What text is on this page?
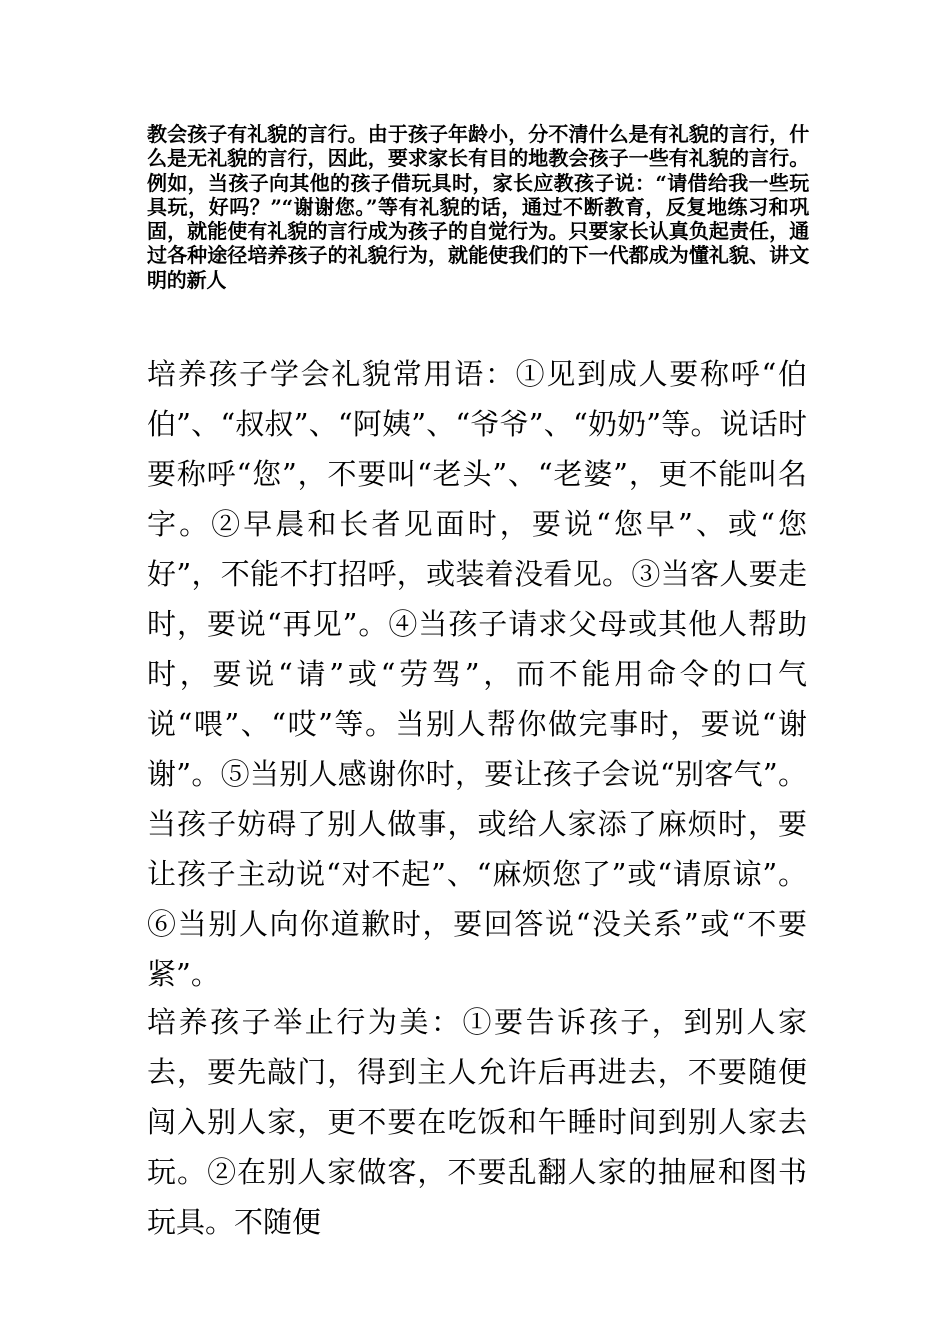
教会孩子有礼貌的言行。由于孩子年龄小，分不清什么是有礼貌的言行，什么是无礼貌的言行，因此，要求家长有目的地教会孩子一些有礼貌的言行。例如，当孩子向其他的孩子借玩具时，家长应教孩子说：“请借给我一些玩具玩，好吗？”“谢谢您。”等有礼貌的话，通过不断教育，反复地练习和巩固，就能使有礼貌的言行成为孩子的自觉行为。只要家长认真负起责任，通过各种途径培养孩子的礼貌行为，就能使我们的下一代都成为懂礼貌、讲文明的新人

培养孩子学会礼貌常用语：①见到成人要称呼“伯伯”、“叔叔”、“阿姨”、“爷爷”、“奶奶”等。说话时要称呼“您”，不要叫“老头”、“老婆”，更不能叫名字。②早晨和长者见面时，要说“您早”、或“您好”，不能不打招呼，或装着没看见。③当客人要走时，要说“再见”。④当孩子请求父母或其他人帮助时，要说“请”或“劳驾”，而不能用命令的口气说“喂”、“哎”等。当别人帮你做完事时，要说“谢谢”。⑤当别人感谢你时，要让孩子会说“别客气”。当孩子妨碍了别人做事，或给人家添了麻烦时，要让孩子主动说“对不起”、“麻烦您了”或“请原谅”。⑥当别人向你道歉时，要回答说“没关系”或“不要紧”。

培养孩子举止行为美：①要告诉孩子，到别人家去，要先敲门，得到主人允许后再进去，不要随便闯入别人家，更不要在吃饭和午睡时间到别人家去玩。②在别人家做客，不要乱翻人家的抽屉和图书玩具。不随便
